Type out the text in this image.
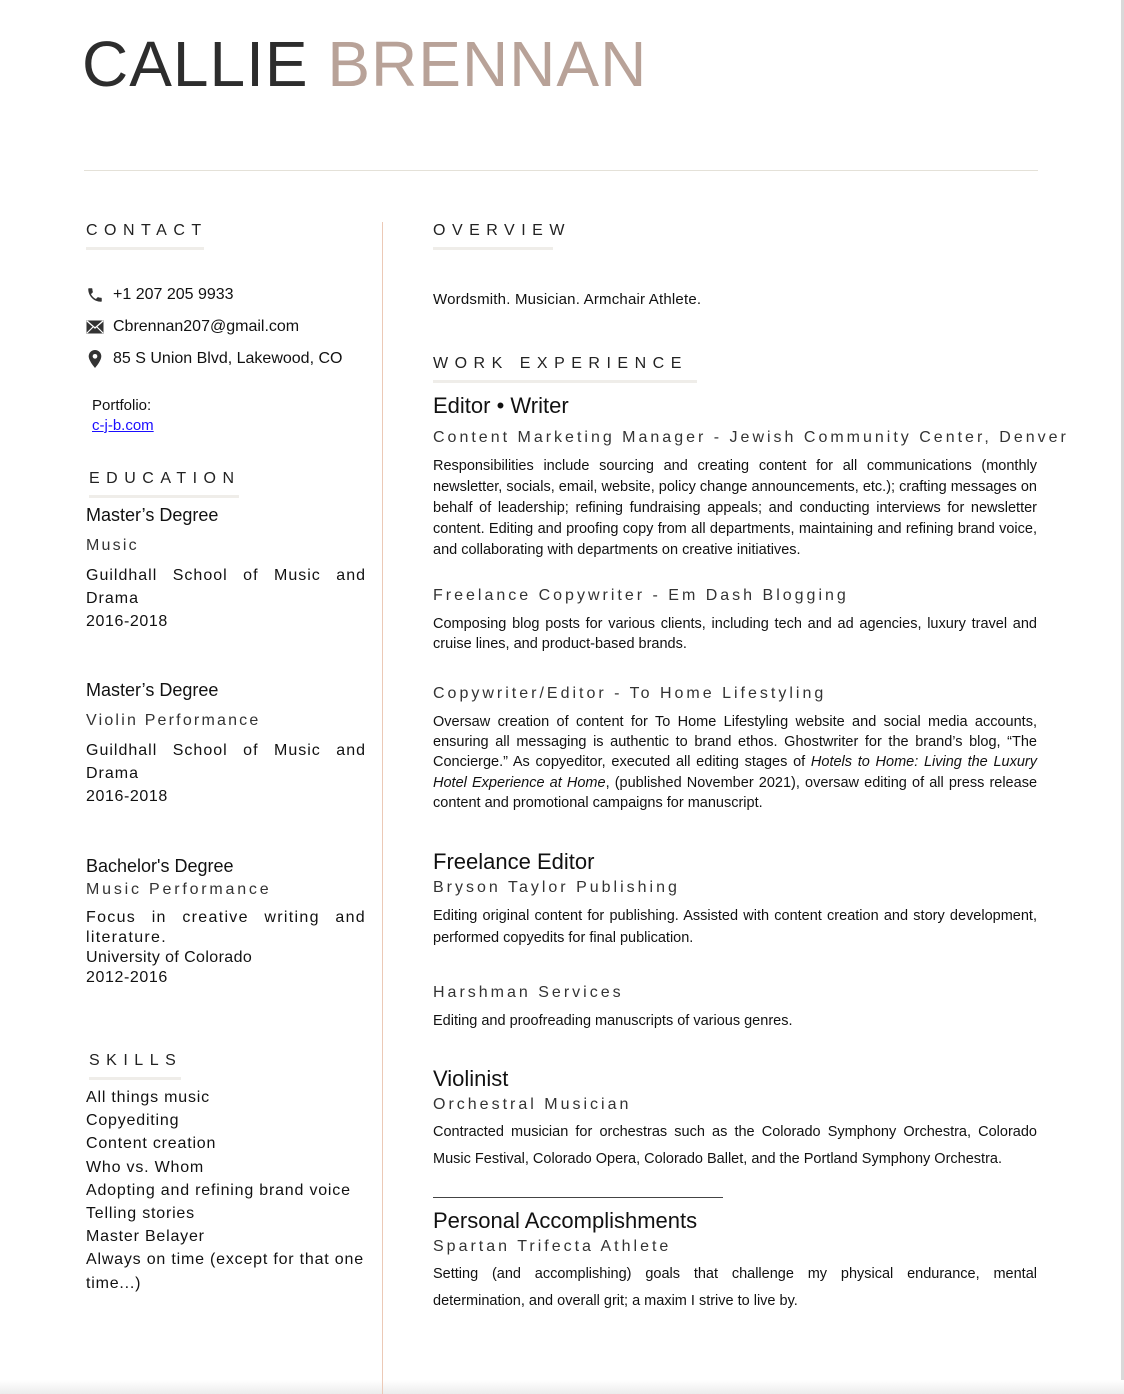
CALLIE BRENNAN
CONTACT
+1 207 205 9933
Cbrennan207@gmail.com
85 S Union Blvd, Lakewood, CO
Portfolio:
c-j-b.com
EDUCATION
Master’s Degree
Music
Guildhall School of Music and Drama
2016-2018
Master’s Degree
Violin Performance
Guildhall School of Music and Drama
2016-2018
Bachelor's Degree
Music Performance
Focus in creative writing and literature.
University of Colorado
2012-2016
SKILLS
All things music
Copyediting
Content creation
Who vs. Whom
Adopting and refining brand voice
Telling stories
Master Belayer
Always on time (except for that one time...)
OVERVIEW
Wordsmith. Musician. Armchair Athlete.
WORK EXPERIENCE
Editor • Writer
Content Marketing Manager - Jewish Community Center, Denver
Responsibilities include sourcing and creating content for all communications (monthly newsletter, socials, email, website, policy change announcements, etc.); crafting messages on behalf of leadership; refining fundraising appeals; and conducting interviews for newsletter content. Editing and proofing copy from all departments, maintaining and refining brand voice, and collaborating with departments on creative initiatives.
Freelance Copywriter - Em Dash Blogging
Composing blog posts for various clients, including tech and ad agencies, luxury travel and cruise lines, and product-based brands.
Copywriter/Editor - To Home Lifestyling
Oversaw creation of content for To Home Lifestyling website and social media accounts, ensuring all messaging is authentic to brand ethos. Ghostwriter for the brand’s blog, “The Concierge.” As copyeditor, executed all editing stages of Hotels to Home: Living the Luxury Hotel Experience at Home, (published November 2021), oversaw editing of all press release content and promotional campaigns for manuscript.
Freelance Editor
Bryson Taylor Publishing
Editing original content for publishing. Assisted with content creation and story development, performed copyedits for final publication.
Harshman Services
Editing and proofreading manuscripts of various genres.
Violinist
Orchestral Musician
Contracted musician for orchestras such as the Colorado Symphony Orchestra, Colorado Music Festival, Colorado Opera, Colorado Ballet, and the Portland Symphony Orchestra.
Personal Accomplishments
Spartan Trifecta Athlete
Setting (and accomplishing) goals that challenge my physical endurance, mental determination, and overall grit; a maxim I strive to live by.
